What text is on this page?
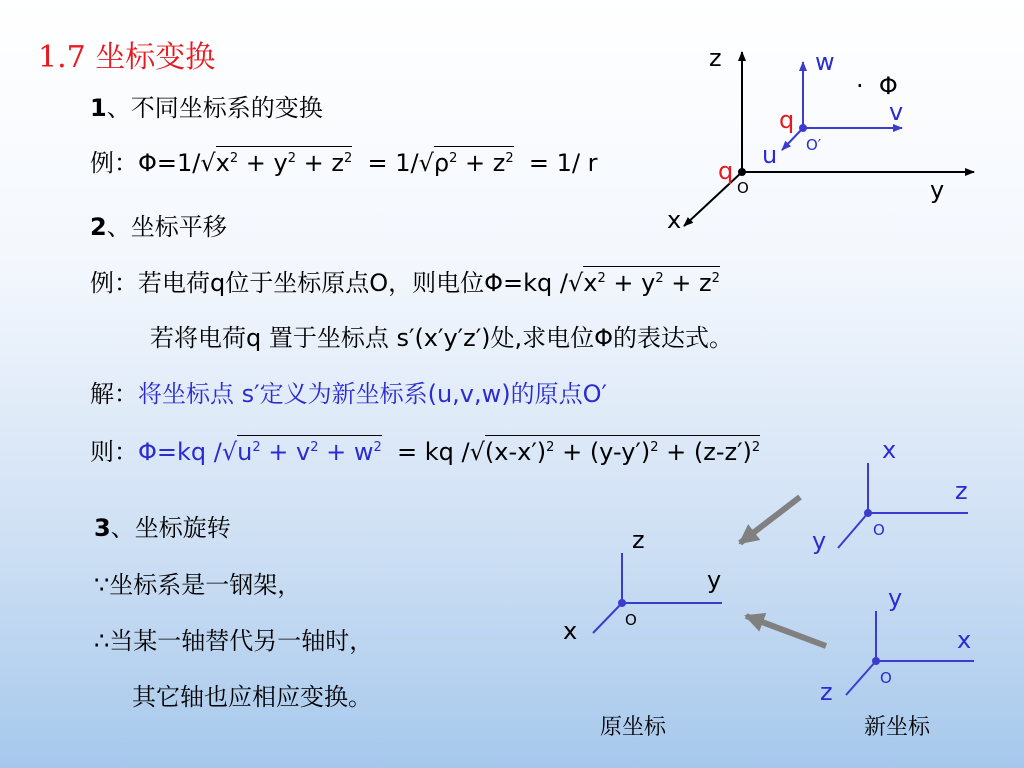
1.7 坐标变换
1、不同坐标系的变换
例：$\Phi=1/√x^2 + y^2 + z^2 = 1/√\rho^2 + z^2 = 1/$ r
2、坐标平移
例：若电荷q位于坐标原点O，则电位Φ=kq $/√x^2 + y^2 + z^2$
若将电荷q 置于坐标点 s′(x′y′z′)处,求电位Φ的表达式。
解：将坐标点 s′定义为新坐标系(u,v,w)的原点O′
则：Φ=kq $/√u^2 + v^2 + w^2$  = kq $/√(x-x')^2 + (y-y')^2 + (z-z')^2$
3、坐标旋转
∵坐标系是一钢架，
∴当某一轴替代另一轴时，
其它轴也应相应变换。
z
y
x
O
w
v
u O′
q
q
·  Φ
z
y
x	O
x
z
y	O
y
x
z	O
原坐标	新坐标
